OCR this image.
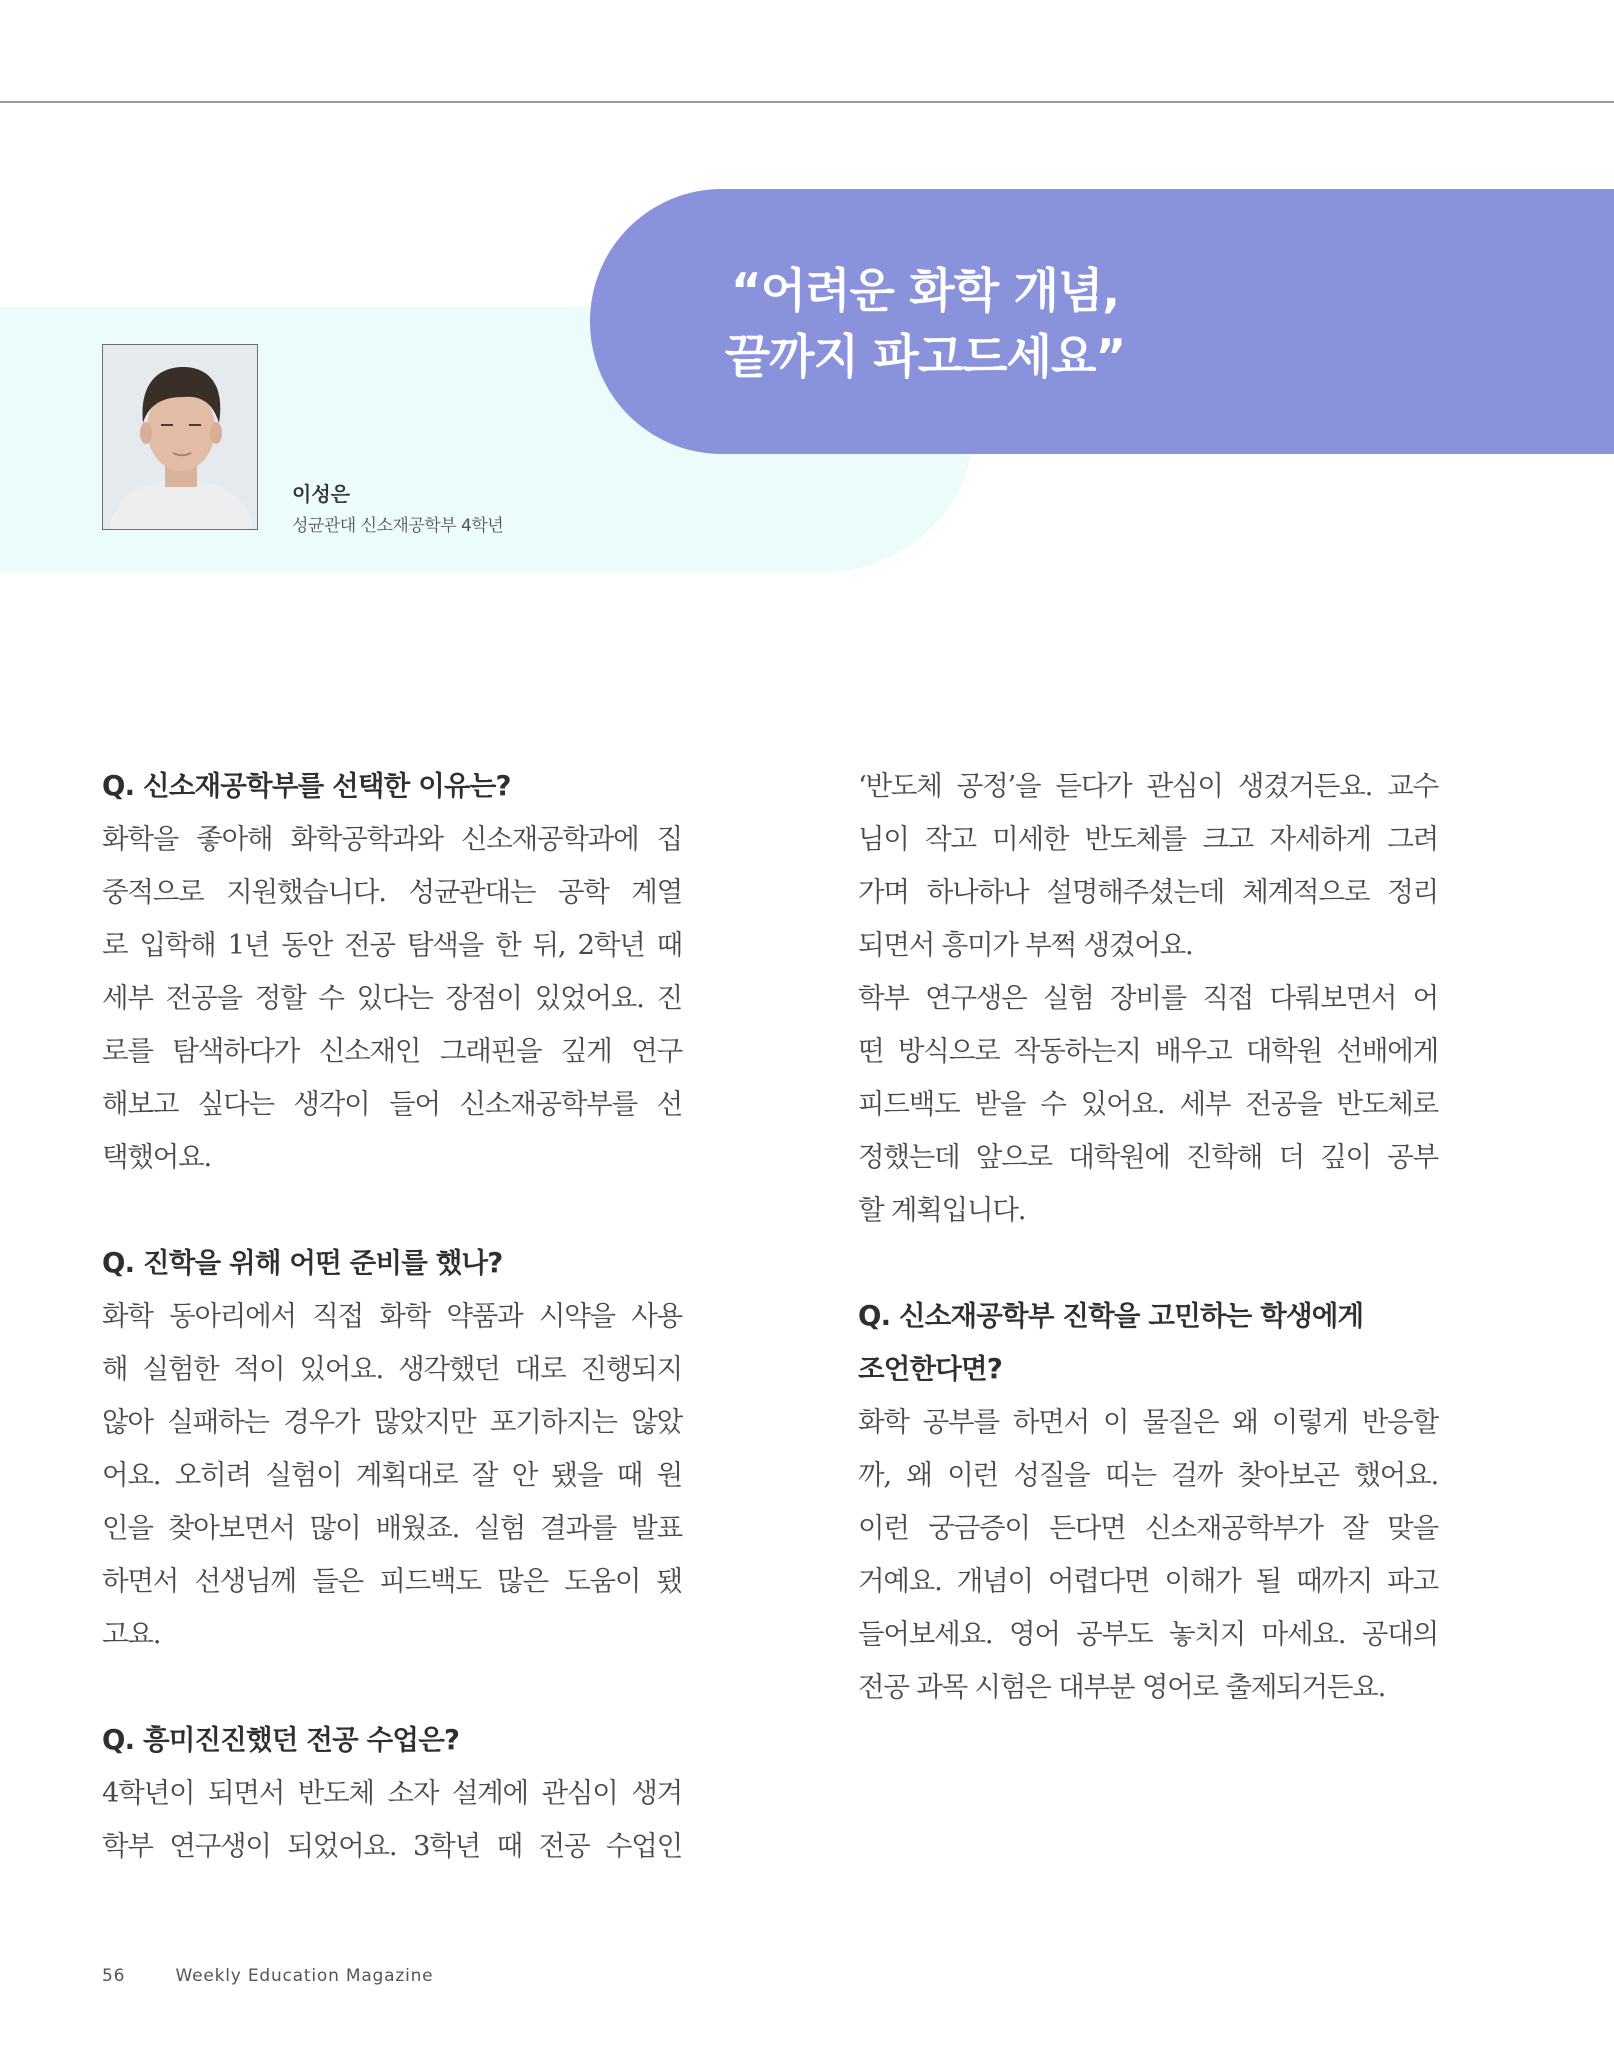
“어려운 화학 개념,
끝까지 파고드세요”
이성은
성균관대 신소재공학부 4학년
Q. 신소재공학부를 선택한 이유는?
화학을 좋아해 화학공학과와 신소재공학과에 집
중적으로 지원했습니다. 성균관대는 공학 계열
로 입학해 1년 동안 전공 탐색을 한 뒤, 2학년 때
세부 전공을 정할 수 있다는 장점이 있었어요. 진
로를 탐색하다가 신소재인 그래핀을 깊게 연구
해보고 싶다는 생각이 들어 신소재공학부를 선
택했어요.
Q. 진학을 위해 어떤 준비를 했나?
화학 동아리에서 직접 화학 약품과 시약을 사용
해 실험한 적이 있어요. 생각했던 대로 진행되지
않아 실패하는 경우가 많았지만 포기하지는 않았
어요. 오히려 실험이 계획대로 잘 안 됐을 때 원
인을 찾아보면서 많이 배웠죠. 실험 결과를 발표
하면서 선생님께 들은 피드백도 많은 도움이 됐
고요.
Q. 흥미진진했던 전공 수업은?
4학년이 되면서 반도체 소자 설계에 관심이 생겨
학부 연구생이 되었어요. 3학년 때 전공 수업인
‘반도체 공정’을 듣다가 관심이 생겼거든요. 교수
님이 작고 미세한 반도체를 크고 자세하게 그려
가며 하나하나 설명해주셨는데 체계적으로 정리
되면서 흥미가 부쩍 생겼어요.
학부 연구생은 실험 장비를 직접 다뤄보면서 어
떤 방식으로 작동하는지 배우고 대학원 선배에게
피드백도 받을 수 있어요. 세부 전공을 반도체로
정했는데 앞으로 대학원에 진학해 더 깊이 공부
할 계획입니다.
Q. 신소재공학부 진학을 고민하는 학생에게
조언한다면?
화학 공부를 하면서 이 물질은 왜 이렇게 반응할
까, 왜 이런 성질을 띠는 걸까 찾아보곤 했어요.
이런 궁금증이 든다면 신소재공학부가 잘 맞을
거예요. 개념이 어렵다면 이해가 될 때까지 파고
들어보세요. 영어 공부도 놓치지 마세요. 공대의
전공 과목 시험은 대부분 영어로 출제되거든요.
56	Weekly Education Magazine
